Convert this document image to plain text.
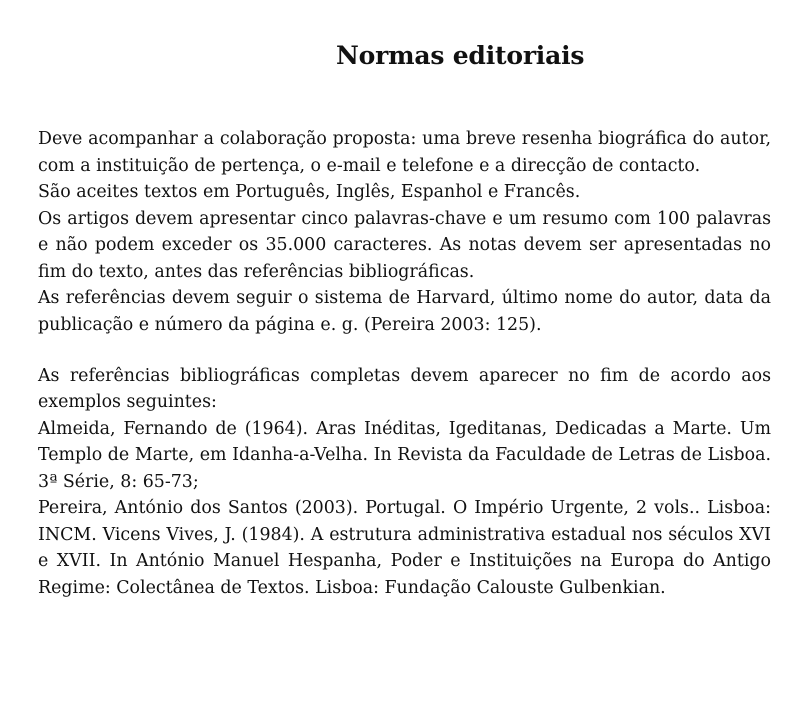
Normas editoriais

Deve acompanhar a colaboração proposta: uma breve resenha biográfica do autor, com a instituição de pertença, o e-mail e telefone e a direcção de contacto.

São aceites textos em Português, Inglês, Espanhol e Francês.

Os artigos devem apresentar cinco palavras-chave e um resumo com 100 palavras e não podem exceder os 35.000 caracteres. As notas devem ser apresentadas no fim do texto, antes das referências bibliográficas.

As referências devem seguir o sistema de Harvard, último nome do autor, data da publicação e número da página e. g. (Pereira 2003: 125).

As referências bibliográficas completas devem aparecer no fim de acordo aos exemplos seguintes:

Almeida, Fernando de (1964). Aras Inéditas, Igeditanas, Dedicadas a Marte. Um Templo de Marte, em Idanha-a-Velha. In Revista da Faculdade de Letras de Lisboa. 3ª Série, 8: 65-73;

Pereira, António dos Santos (2003). Portugal. O Império Urgente, 2 vols.. Lisboa: INCM. Vicens Vives, J. (1984). A estrutura administrativa estadual nos séculos XVI e XVII. In António Manuel Hespanha, Poder e Instituições na Europa do Antigo Regime: Colectânea de Textos. Lisboa: Fundação Calouste Gulbenkian.
